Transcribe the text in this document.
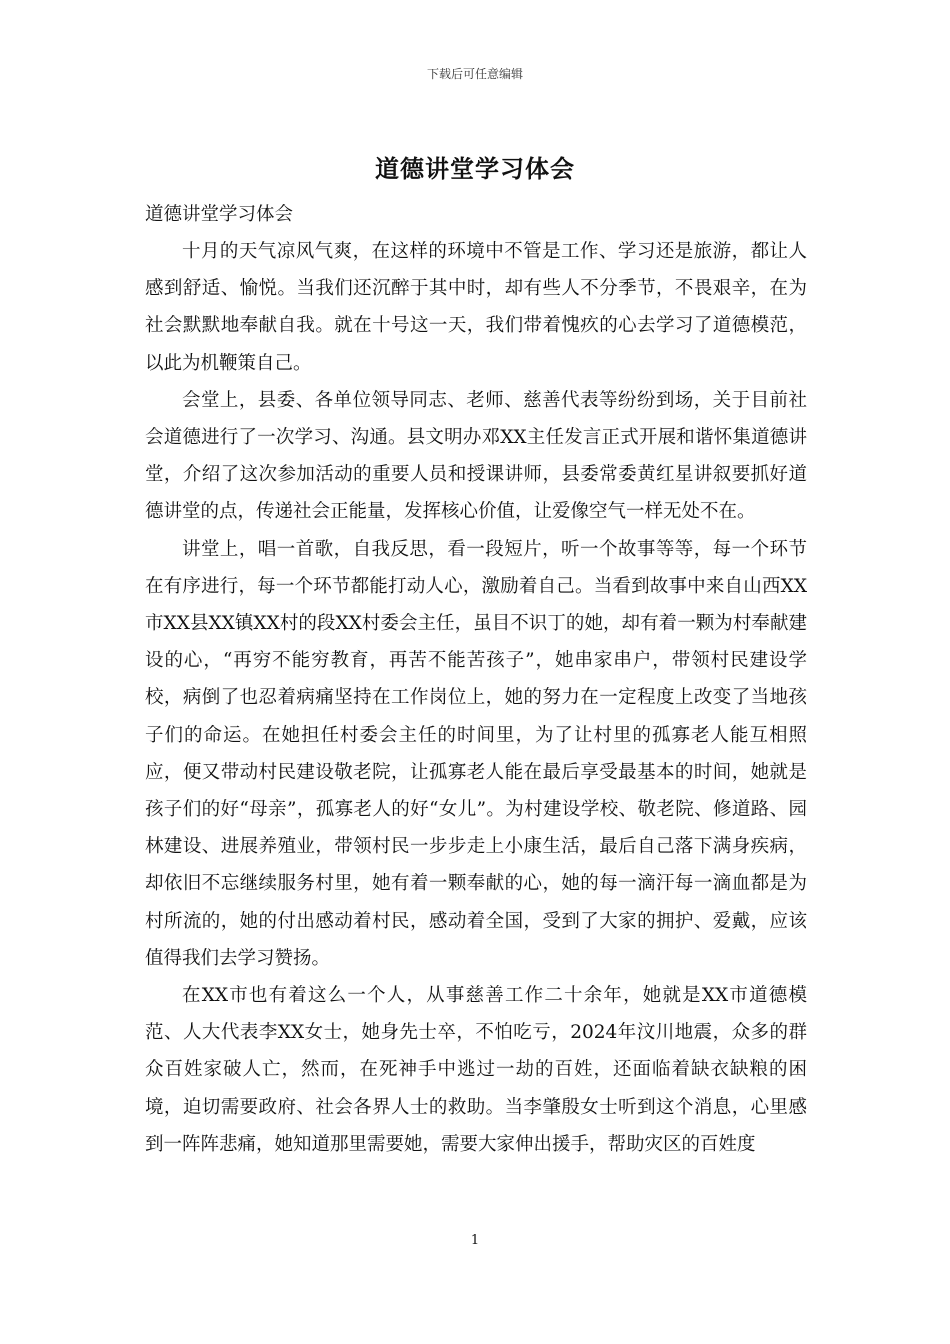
下载后可任意编辑
道德讲堂学习体会

道德讲堂学习体会

十月的天气凉风气爽，在这样的环境中不管是工作、学习还是旅游，都让人感到舒适、愉悦。当我们还沉醉于其中时，却有些人不分季节，不畏艰辛，在为社会默默地奉献自我。就在十号这一天，我们带着愧疚的心去学习了道德模范，以此为机鞭策自己。

会堂上，县委、各单位领导同志、老师、慈善代表等纷纷到场，关于目前社会道德进行了一次学习、沟通。县文明办邓XX主任发言正式开展和谐怀集道德讲堂，介绍了这次参加活动的重要人员和授课讲师，县委常委黄红星讲叙要抓好道德讲堂的点，传递社会正能量，发挥核心价值，让爱像空气一样无处不在。

讲堂上，唱一首歌，自我反思，看一段短片，听一个故事等等，每一个环节在有序进行，每一个环节都能打动人心，激励着自己。当看到故事中来自山西XX市XX县XX镇XX村的段XX村委会主任，虽目不识丁的她，却有着一颗为村奉献建设的心，“再穷不能穷教育，再苦不能苦孩子”，她串家串户，带领村民建设学校，病倒了也忍着病痛坚持在工作岗位上，她的努力在一定程度上改变了当地孩子们的命运。在她担任村委会主任的时间里，为了让村里的孤寡老人能互相照应，便又带动村民建设敬老院，让孤寡老人能在最后享受最基本的时间，她就是孩子们的好“母亲”，孤寡老人的好“女儿”。为村建设学校、敬老院、修道路、园林建设、进展养殖业，带领村民一步步走上小康生活，最后自己落下满身疾病，却依旧不忘继续服务村里，她有着一颗奉献的心，她的每一滴汗每一滴血都是为村所流的，她的付出感动着村民，感动着全国，受到了大家的拥护、爱戴，应该值得我们去学习赞扬。

在XX市也有着这么一个人，从事慈善工作二十余年，她就是XX市道德模范、人大代表李XX女士，她身先士卒，不怕吃亏，2024年汶川地震，众多的群众百姓家破人亡，然而，在死神手中逃过一劫的百姓，还面临着缺衣缺粮的困境，迫切需要政府、社会各界人士的救助。当李肇殷女士听到这个消息，心里感到一阵阵悲痛，她知道那里需要她，需要大家伸出援手，帮助灾区的百姓度

1
